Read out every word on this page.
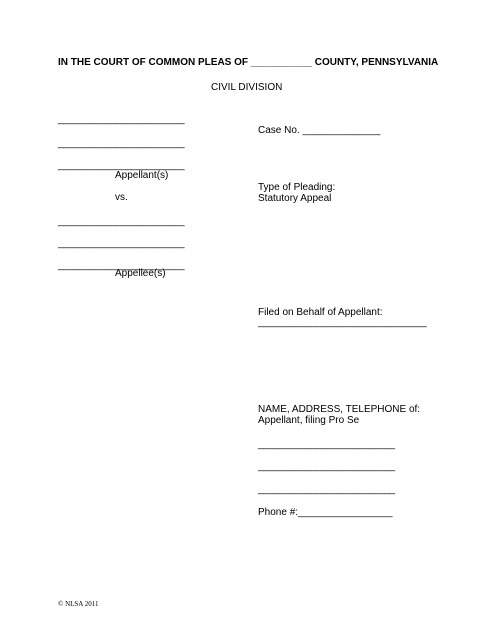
IN THE COURT OF COMMON PLEAS OF ___________ COUNTY, PENNSYLVANIA
CIVIL DIVISION
________________________
________________________
________________________
Appellant(s)
vs.
________________________
________________________
________________________
Appellee(s)
Case No. ______________
Type of Pleading:
Statutory Appeal
Filed on Behalf of Appellant:
________________________________
NAME, ADDRESS, TELEPHONE of:
Appellant, filing Pro Se
__________________________
__________________________
__________________________
Phone #:_________________
© NLSA 2011
